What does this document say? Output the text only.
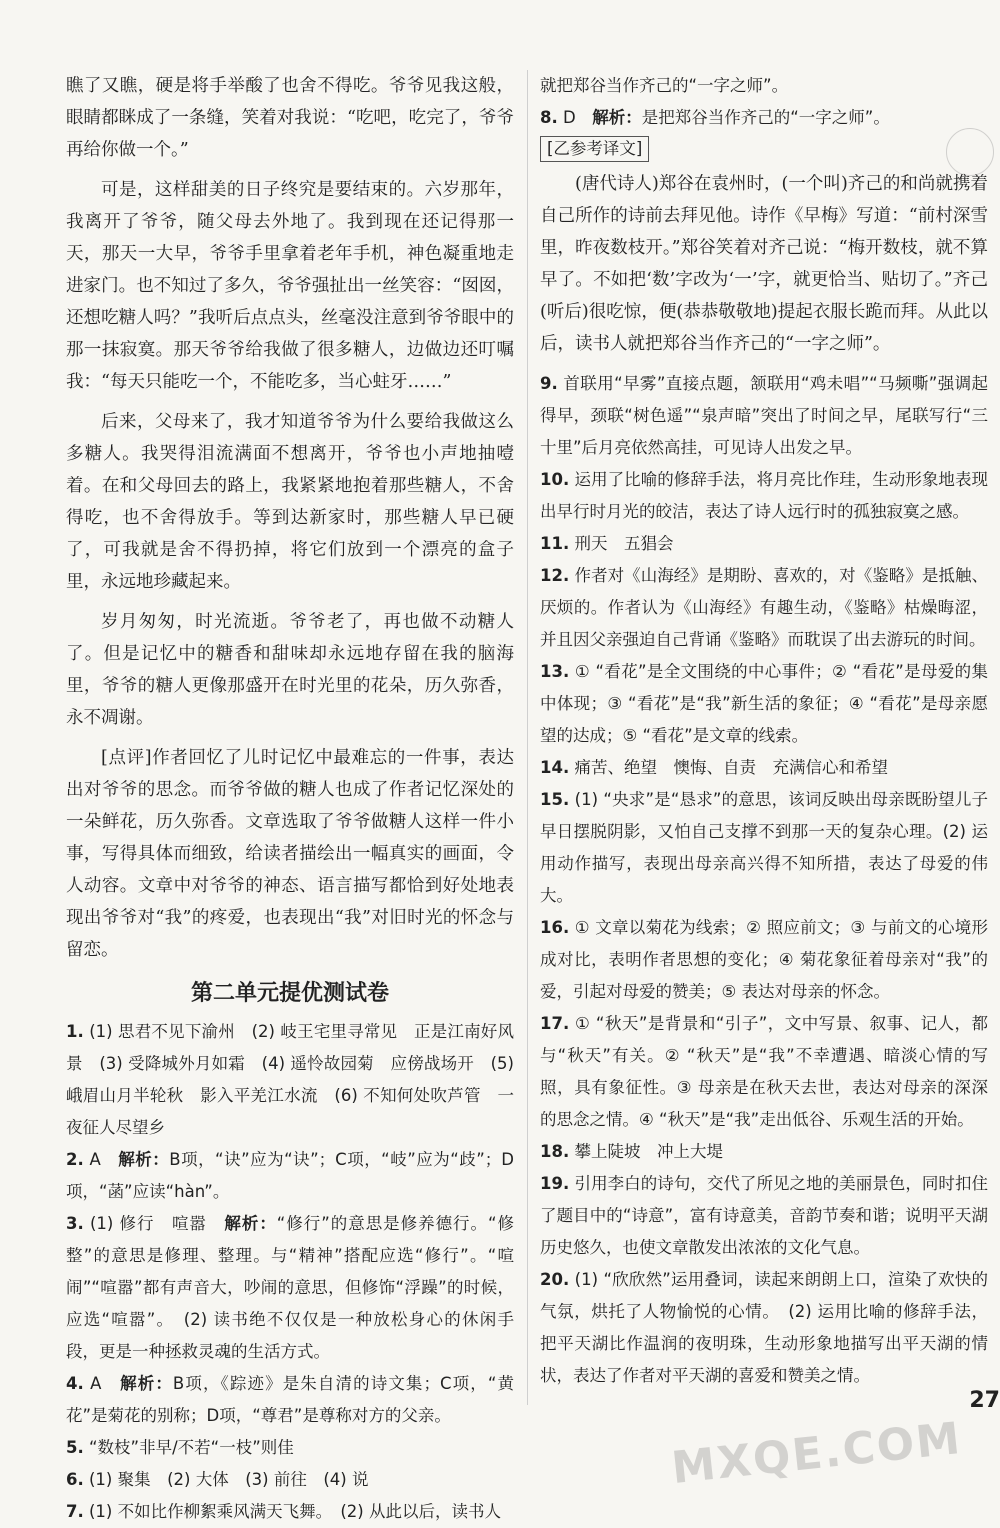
瞧了又瞧，硬是将手举酸了也舍不得吃。爷爷见我这般，眼睛都眯成了一条缝，笑着对我说：“吃吧，吃完了，爷爷再给你做一个。”

可是，这样甜美的日子终究是要结束的。六岁那年，我离开了爷爷，随父母去外地了。我到现在还记得那一天，那天一大早，爷爷手里拿着老年手机，神色凝重地走进家门。也不知过了多久，爷爷强扯出一丝笑容：“囡囡，还想吃糖人吗？”我听后点点头，丝毫没注意到爷爷眼中的那一抹寂寞。那天爷爷给我做了很多糖人，边做边还叮嘱我：“每天只能吃一个，不能吃多，当心蛀牙……”

后来，父母来了，我才知道爷爷为什么要给我做这么多糖人。我哭得泪流满面不想离开，爷爷也小声地抽噎着。在和父母回去的路上，我紧紧地抱着那些糖人，不舍得吃，也不舍得放手。等到达新家时，那些糖人早已硬了，可我就是舍不得扔掉，将它们放到一个漂亮的盒子里，永远地珍藏起来。

岁月匆匆，时光流逝。爷爷老了，再也做不动糖人了。但是记忆中的糖香和甜味却永远地存留在我的脑海里，爷爷的糖人更像那盛开在时光里的花朵，历久弥香，永不凋谢。

[点评]作者回忆了儿时记忆中最难忘的一件事，表达出对爷爷的思念。而爷爷做的糖人也成了作者记忆深处的一朵鲜花，历久弥香。文章选取了爷爷做糖人这样一件小事，写得具体而细致，给读者描绘出一幅真实的画面，令人动容。文章中对爷爷的神态、语言描写都恰到好处地表现出爷爷对“我”的疼爱，也表现出“我”对旧时光的怀念与留恋。

第二单元提优测试卷

1. (1) 思君不见下渝州　(2) 岐王宅里寻常见　正是江南好风景　(3) 受降城外月如霜　(4) 遥怜故园菊　应傍战场开　(5) 峨眉山月半轮秋　影入平羌江水流　(6) 不知何处吹芦管　一夜征人尽望乡

2. A　解析：B项，“诀”应为“诀”；C项，“岐”应为“歧”；D项，“菡”应读“hàn”。

3. (1) 修行　喧嚣　解析：“修行”的意思是修养德行。“修整”的意思是修理、整理。与“精神”搭配应选“修行”。“喧闹”“喧嚣”都有声音大，吵闹的意思，但修饰“浮躁”的时候，应选“喧嚣”。　(2) 读书绝不仅仅是一种放松身心的休闲手段，更是一种拯救灵魂的生活方式。

4. A　解析：B项，《踪迹》是朱自清的诗文集；C项，“黄花”是菊花的别称；D项，“尊君”是尊称对方的父亲。

5. “数枝”非早/不若“一枝”则佳

6. (1) 聚集　(2) 大体　(3) 前往　(4) 说

7. (1) 不如比作柳絮乘风满天飞舞。　(2) 从此以后，读书人

就把郑谷当作齐己的“一字之师”。

8. D　解析：是把郑谷当作齐己的“一字之师”。

[乙参考译文]

(唐代诗人)郑谷在袁州时，(一个叫)齐己的和尚就携着自己所作的诗前去拜见他。诗作《早梅》写道：“前村深雪里，昨夜数枝开。”郑谷笑着对齐己说：“梅开数枝，就不算早了。不如把‘数’字改为‘一’字，就更恰当、贴切了。”齐己(听后)很吃惊，便(恭恭敬敬地)提起衣服长跪而拜。从此以后，读书人就把郑谷当作齐己的“一字之师”。

9. 首联用“早雾”直接点题，颔联用“鸡未唱”“马频嘶”强调起得早，颈联“树色遥”“泉声暗”突出了时间之早，尾联写行“三十里”后月亮依然高挂，可见诗人出发之早。

10. 运用了比喻的修辞手法，将月亮比作珪，生动形象地表现出早行时月光的皎洁，表达了诗人远行时的孤独寂寞之感。

11. 刑天　五猖会

12. 作者对《山海经》是期盼、喜欢的，对《鉴略》是抵触、厌烦的。作者认为《山海经》有趣生动，《鉴略》枯燥晦涩，并且因父亲强迫自己背诵《鉴略》而耽误了出去游玩的时间。

13. ① “看花”是全文围绕的中心事件；② “看花”是母爱的集中体现；③ “看花”是“我”新生活的象征；④ “看花”是母亲愿望的达成；⑤ “看花”是文章的线索。

14. 痛苦、绝望　懊悔、自责　充满信心和希望

15. (1) “央求”是“恳求”的意思，该词反映出母亲既盼望儿子早日摆脱阴影，又怕自己支撑不到那一天的复杂心理。(2) 运用动作描写，表现出母亲高兴得不知所措，表达了母爱的伟大。

16. ① 文章以菊花为线索；② 照应前文；③ 与前文的心境形成对比，表明作者思想的变化；④ 菊花象征着母亲对“我”的爱，引起对母爱的赞美；⑤ 表达对母亲的怀念。

17. ① “秋天”是背景和“引子”，文中写景、叙事、记人，都与“秋天”有关。② “秋天”是“我”不幸遭遇、暗淡心情的写照，具有象征性。③ 母亲是在秋天去世，表达对母亲的深深的思念之情。④ “秋天”是“我”走出低谷、乐观生活的开始。

18. 攀上陡坡　冲上大堤

19. 引用李白的诗句，交代了所见之地的美丽景色，同时扣住了题目中的“诗意”，富有诗意美，音韵节奏和谐；说明平天湖历史悠久，也使文章散发出浓浓的文化气息。

20. (1) “欣欣然”运用叠词，读起来朗朗上口，渲染了欢快的气氛，烘托了人物愉悦的心情。　(2) 运用比喻的修辞手法，把平天湖比作温润的夜明珠，生动形象地描写出平天湖的情状，表达了作者对平天湖的喜爱和赞美之情。

27
MXQE.COM
